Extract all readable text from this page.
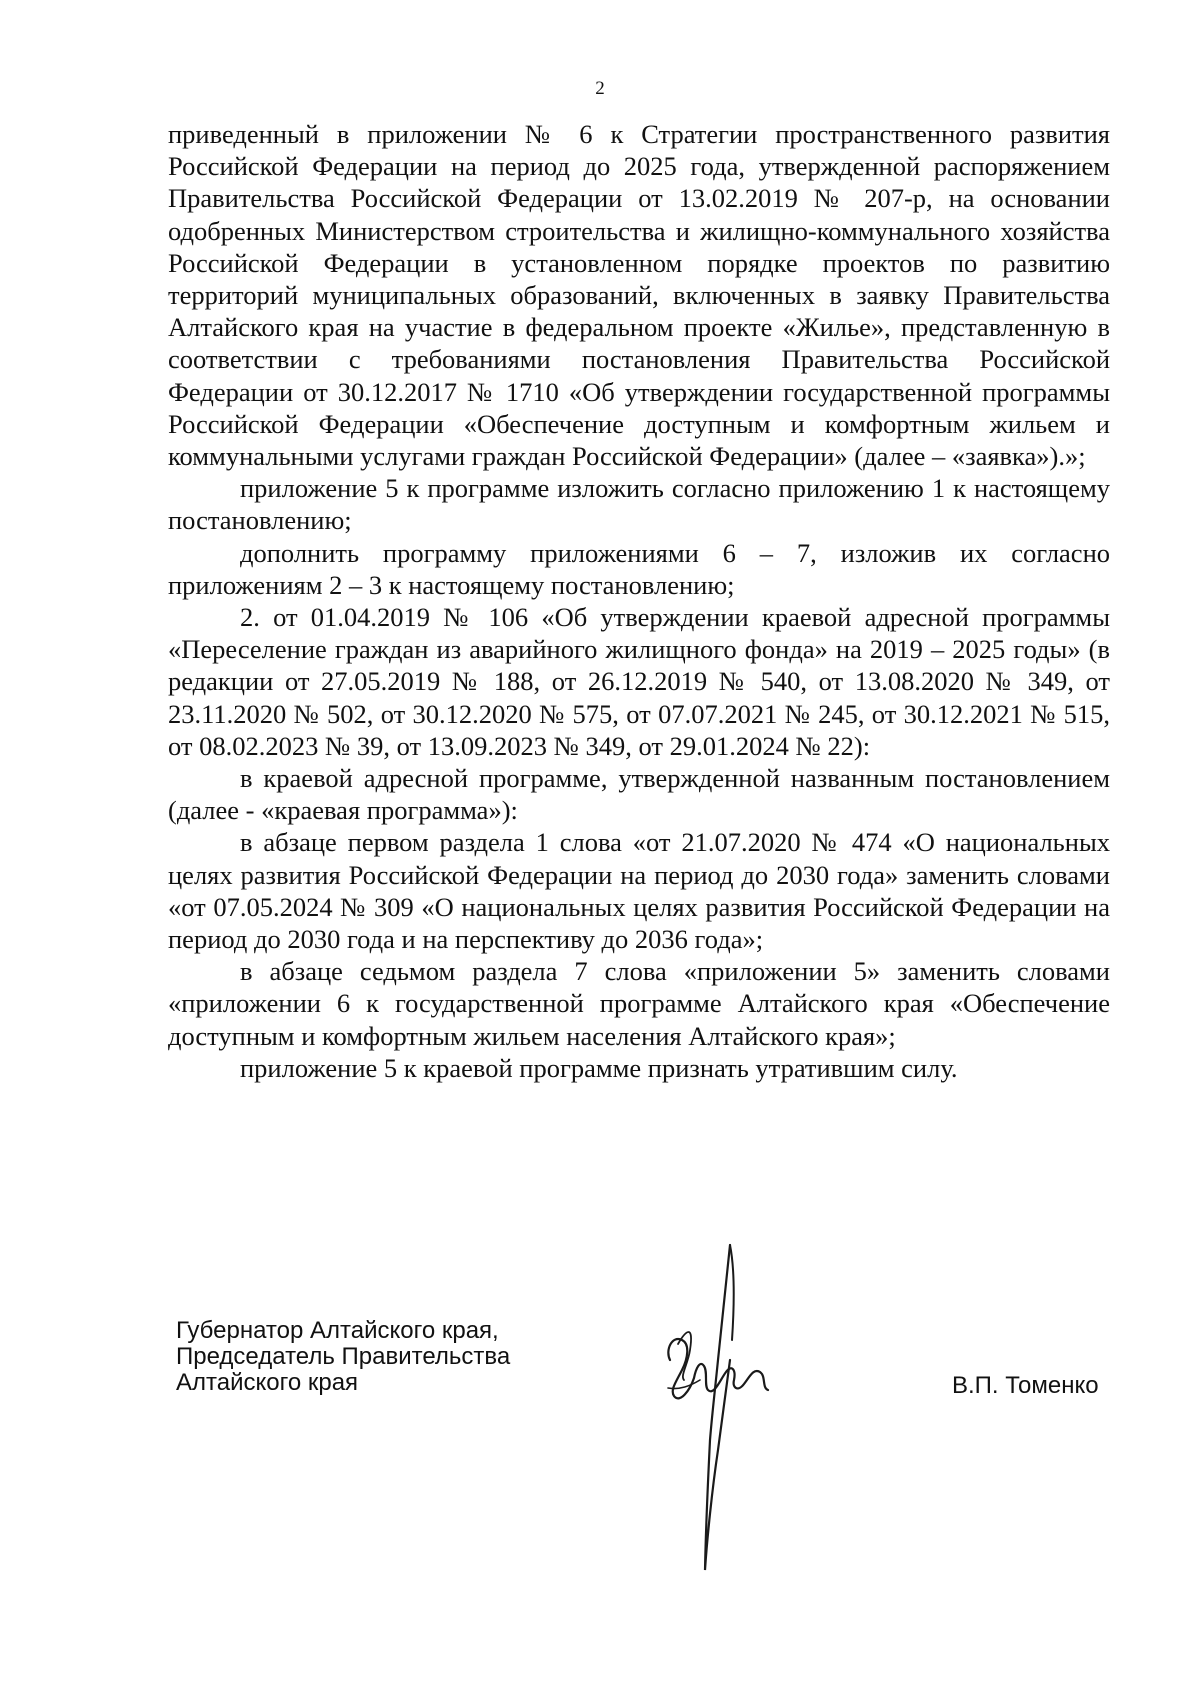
2

приведенный в приложении № 6 к Стратегии пространственного развития Российской Федерации на период до 2025 года, утвержденной распоряжением Правительства Российской Федерации от 13.02.2019 № 207-р, на основании одобренных Министерством строительства и жилищно-коммунального хозяйства Российской Федерации в установленном порядке проектов по развитию территорий муниципальных образований, включенных в заявку Правительства Алтайского края на участие в федеральном проекте «Жилье», представленную в соответствии с требованиями постановления Правительства Российской Федерации от 30.12.2017 № 1710 «Об утверждении государственной программы Российской Федерации «Обеспечение доступным и комфортным жильем и коммунальными услугами граждан Российской Федерации» (далее – «заявка»).»;

приложение 5 к программе изложить согласно приложению 1 к настоящему постановлению;

дополнить программу приложениями 6 – 7, изложив их согласно приложениям 2 – 3 к настоящему постановлению;

2. от 01.04.2019 № 106 «Об утверждении краевой адресной программы «Переселение граждан из аварийного жилищного фонда» на 2019 – 2025 годы» (в редакции от 27.05.2019 № 188, от 26.12.2019 № 540, от 13.08.2020 № 349, от 23.11.2020 № 502, от 30.12.2020 № 575, от 07.07.2021 № 245, от 30.12.2021 № 515, от 08.02.2023 № 39, от 13.09.2023 № 349, от 29.01.2024 № 22):

в краевой адресной программе, утвержденной названным постановлением (далее - «краевая программа»):

в абзаце первом раздела 1 слова «от 21.07.2020 № 474 «О национальных целях развития Российской Федерации на период до 2030 года» заменить словами «от 07.05.2024 № 309 «О национальных целях развития Российской Федерации на период до 2030 года и на перспективу до 2036 года»;

в абзаце седьмом раздела 7 слова «приложении 5» заменить словами «приложении 6 к государственной программе Алтайского края «Обеспечение доступным и комфортным жильем населения Алтайского края»;

приложение 5 к краевой программе признать утратившим силу.

Губернатор Алтайского края,
Председатель Правительства
Алтайского края	В.П. Томенко
